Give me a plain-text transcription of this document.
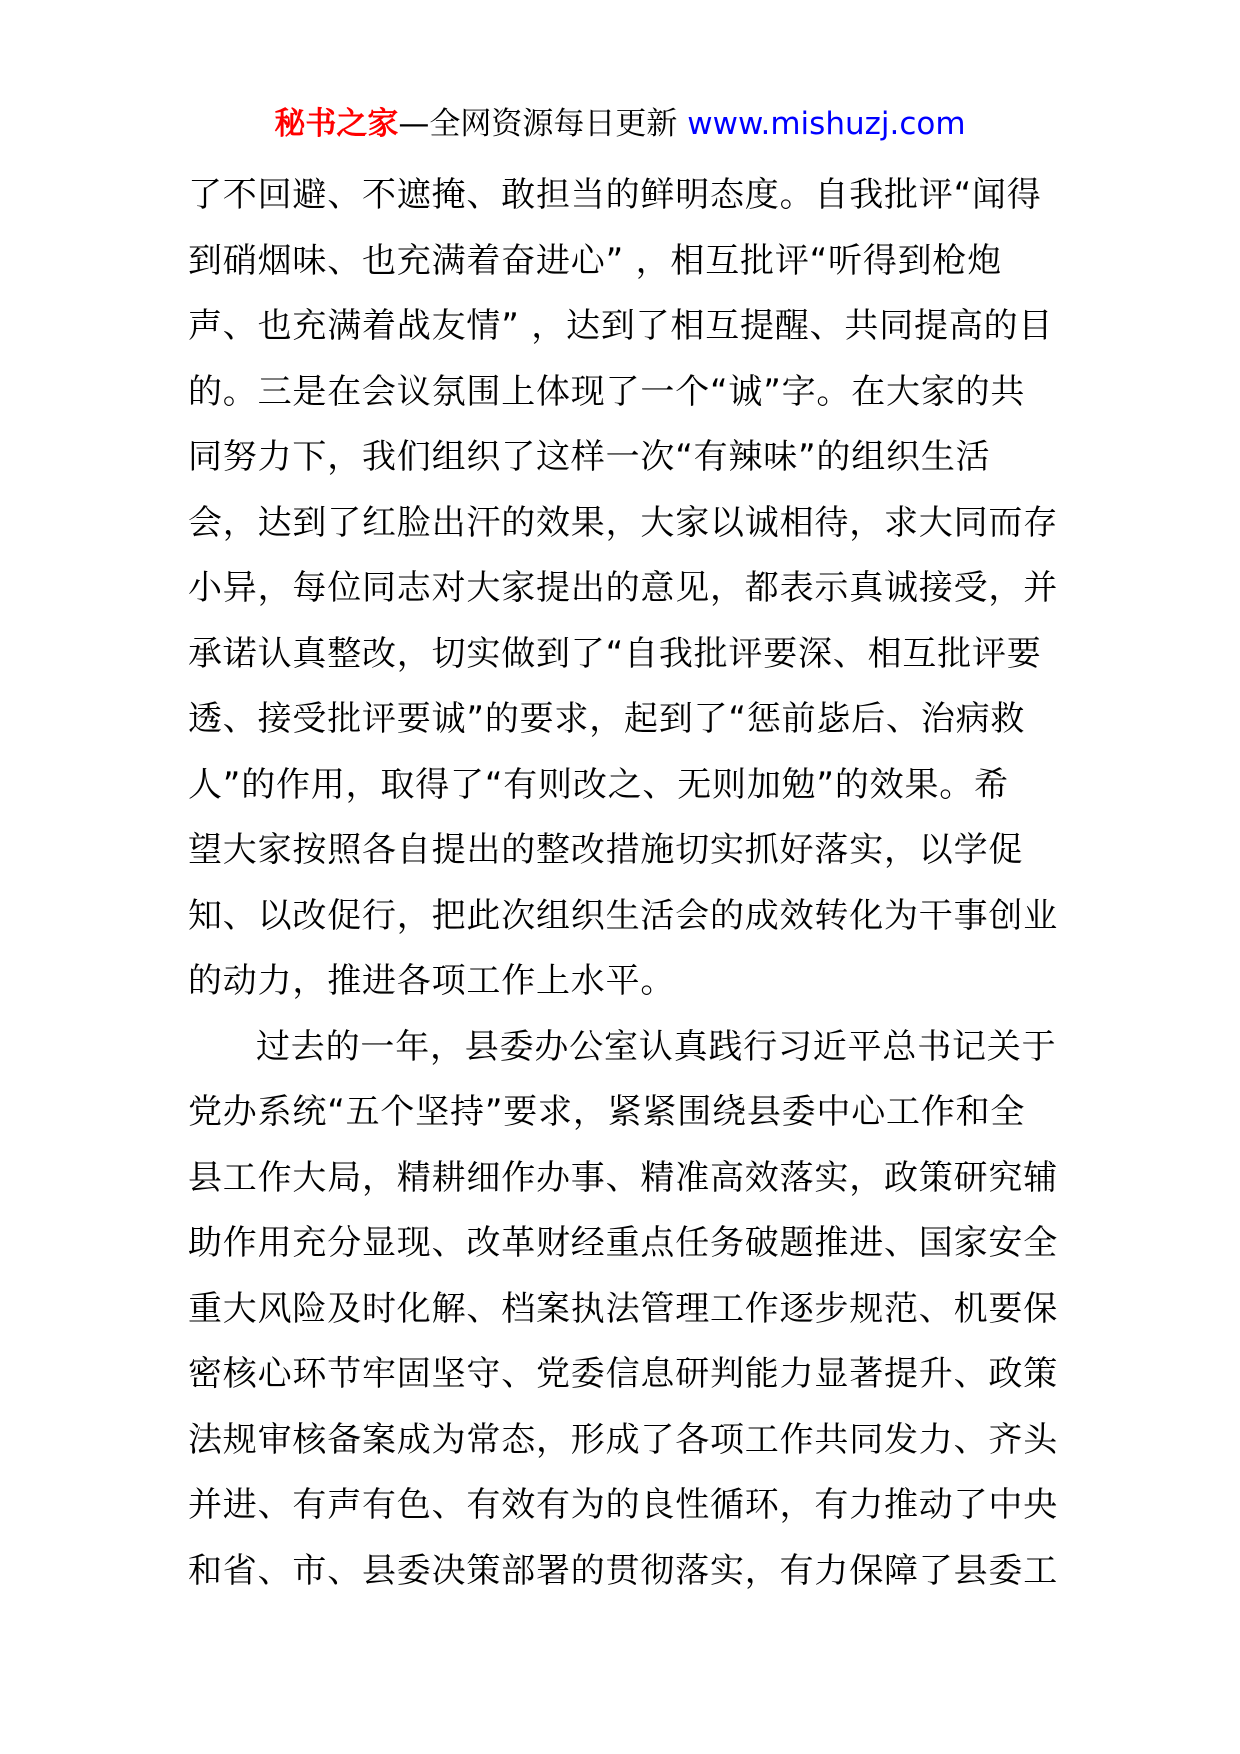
秘书之家—全网资源每日更新 www.mishuzj.com
了不回避、不遮掩、敢担当的鲜明态度。自我批评“闻得
到硝烟味、也充满着奋进心” ，相互批评“听得到枪炮
声、也充满着战友情” ，达到了相互提醒、共同提高的目
的。三是在会议氛围上体现了一个“诚”字。在大家的共
同努力下，我们组织了这样一次“有辣味”的组织生活
会，达到了红脸出汗的效果，大家以诚相待，求大同而存
小异，每位同志对大家提出的意见，都表示真诚接受，并
承诺认真整改，切实做到了“自我批评要深、相互批评要
透、接受批评要诚”的要求，起到了“惩前毖后、治病救
人”的作用，取得了“有则改之、无则加勉”的效果。希
望大家按照各自提出的整改措施切实抓好落实，以学促
知、以改促行，把此次组织生活会的成效转化为干事创业
的动力，推进各项工作上水平。
过去的一年，县委办公室认真践行习近平总书记关于
党办系统“五个坚持”要求，紧紧围绕县委中心工作和全
县工作大局，精耕细作办事、精准高效落实，政策研究辅
助作用充分显现、改革财经重点任务破题推进、国家安全
重大风险及时化解、档案执法管理工作逐步规范、机要保
密核心环节牢固坚守、党委信息研判能力显著提升、政策
法规审核备案成为常态，形成了各项工作共同发力、齐头
并进、有声有色、有效有为的良性循环，有力推动了中央
和省、市、县委决策部署的贯彻落实，有力保障了县委工
